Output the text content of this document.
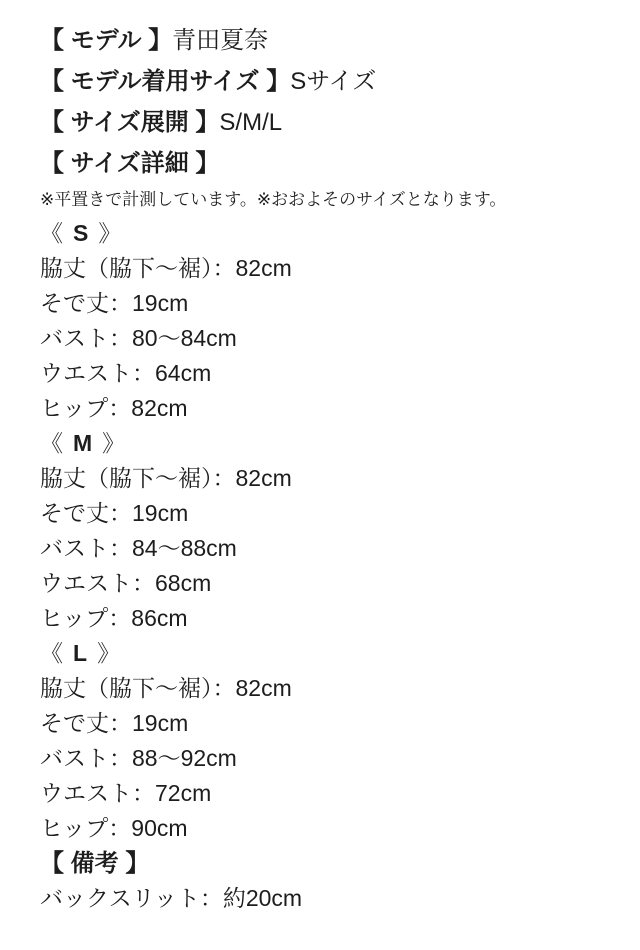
【 モデル 】青田夏奈
【 モデル着用サイズ 】Sサイズ
【 サイズ展開 】S/M/L
【 サイズ詳細 】
※平置きで計測しています。※おおよそのサイズとなります。
《 S 》
脇丈（脇下〜裾）：82cm
そで丈：19cm
バスト：80〜84cm
ウエスト：64cm
ヒップ：82cm
《 M 》
脇丈（脇下〜裾）：82cm
そで丈：19cm
バスト：84〜88cm
ウエスト：68cm
ヒップ：86cm
《 L 》
脇丈（脇下〜裾）：82cm
そで丈：19cm
バスト：88〜92cm
ウエスト：72cm
ヒップ：90cm
【 備考 】
バックスリット：約20cm
